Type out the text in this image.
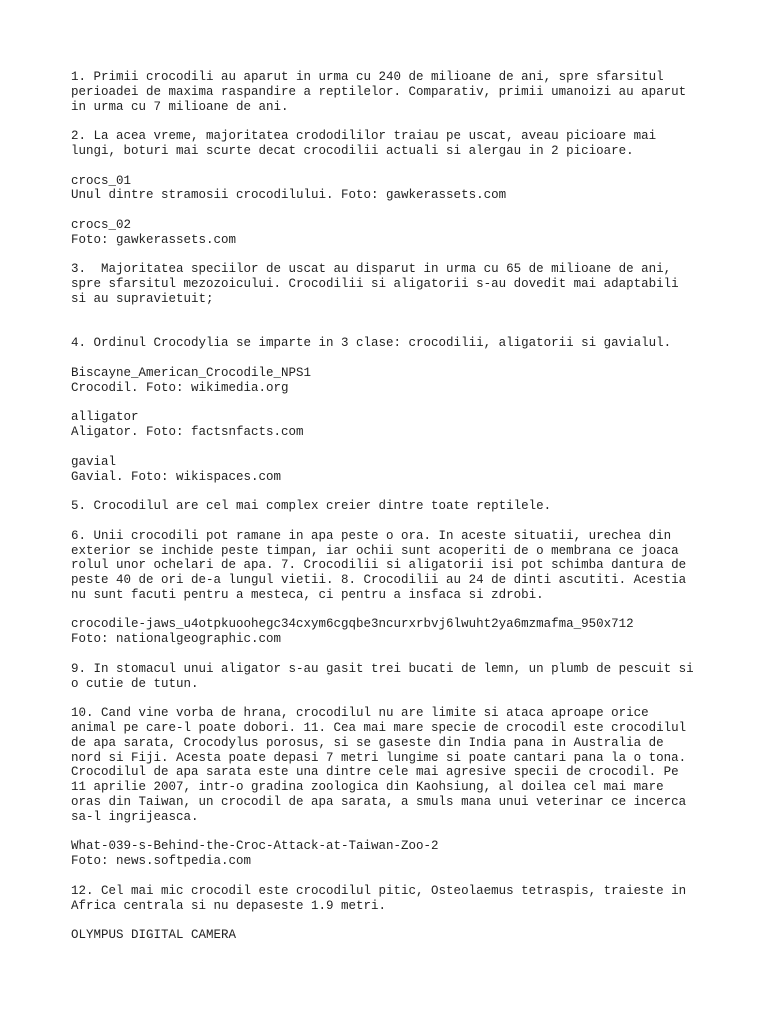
1. Primii crocodili au aparut in urma cu 240 de milioane de ani, spre sfarsitul
perioadei de maxima raspandire a reptilelor. Comparativ, primii umanoizi au aparut
in urma cu 7 milioane de ani.
2. La acea vreme, majoritatea crododililor traiau pe uscat, aveau picioare mai
lungi, boturi mai scurte decat crocodilii actuali si alergau in 2 picioare.
crocs_01
Unul dintre stramosii crocodilului. Foto: gawkerassets.com
crocs_02
Foto: gawkerassets.com
3.  Majoritatea speciilor de uscat au disparut in urma cu 65 de milioane de ani,
spre sfarsitul mezozoicului. Crocodilii si aligatorii s-au dovedit mai adaptabili
si au supravietuit;
4. Ordinul Crocodylia se imparte in 3 clase: crocodilii, aligatorii si gavialul.
Biscayne_American_Crocodile_NPS1
Crocodil. Foto: wikimedia.org
alligator
Aligator. Foto: factsnfacts.com
gavial
Gavial. Foto: wikispaces.com
5. Crocodilul are cel mai complex creier dintre toate reptilele.
6. Unii crocodili pot ramane in apa peste o ora. In aceste situatii, urechea din
exterior se inchide peste timpan, iar ochii sunt acoperiti de o membrana ce joaca
rolul unor ochelari de apa. 7. Crocodilii si aligatorii isi pot schimba dantura de
peste 40 de ori de-a lungul vietii. 8. Crocodilii au 24 de dinti ascutiti. Acestia
nu sunt facuti pentru a mesteca, ci pentru a insfaca si zdrobi.
crocodile-jaws_u4otpkuoohegc34cxym6cgqbe3ncurxrbvj6lwuht2ya6mzmafma_950x712
Foto: nationalgeographic.com
9. In stomacul unui aligator s-au gasit trei bucati de lemn, un plumb de pescuit si
o cutie de tutun.
10. Cand vine vorba de hrana, crocodilul nu are limite si ataca aproape orice
animal pe care-l poate dobori. 11. Cea mai mare specie de crocodil este crocodilul
de apa sarata, Crocodylus porosus, si se gaseste din India pana in Australia de
nord si Fiji. Acesta poate depasi 7 metri lungime si poate cantari pana la o tona.
Crocodilul de apa sarata este una dintre cele mai agresive specii de crocodil. Pe
11 aprilie 2007, intr-o gradina zoologica din Kaohsiung, al doilea cel mai mare
oras din Taiwan, un crocodil de apa sarata, a smuls mana unui veterinar ce incerca
sa-l ingrijeasca.
What-039-s-Behind-the-Croc-Attack-at-Taiwan-Zoo-2
Foto: news.softpedia.com
12. Cel mai mic crocodil este crocodilul pitic, Osteolaemus tetraspis, traieste in
Africa centrala si nu depaseste 1.9 metri.
OLYMPUS DIGITAL CAMERA
